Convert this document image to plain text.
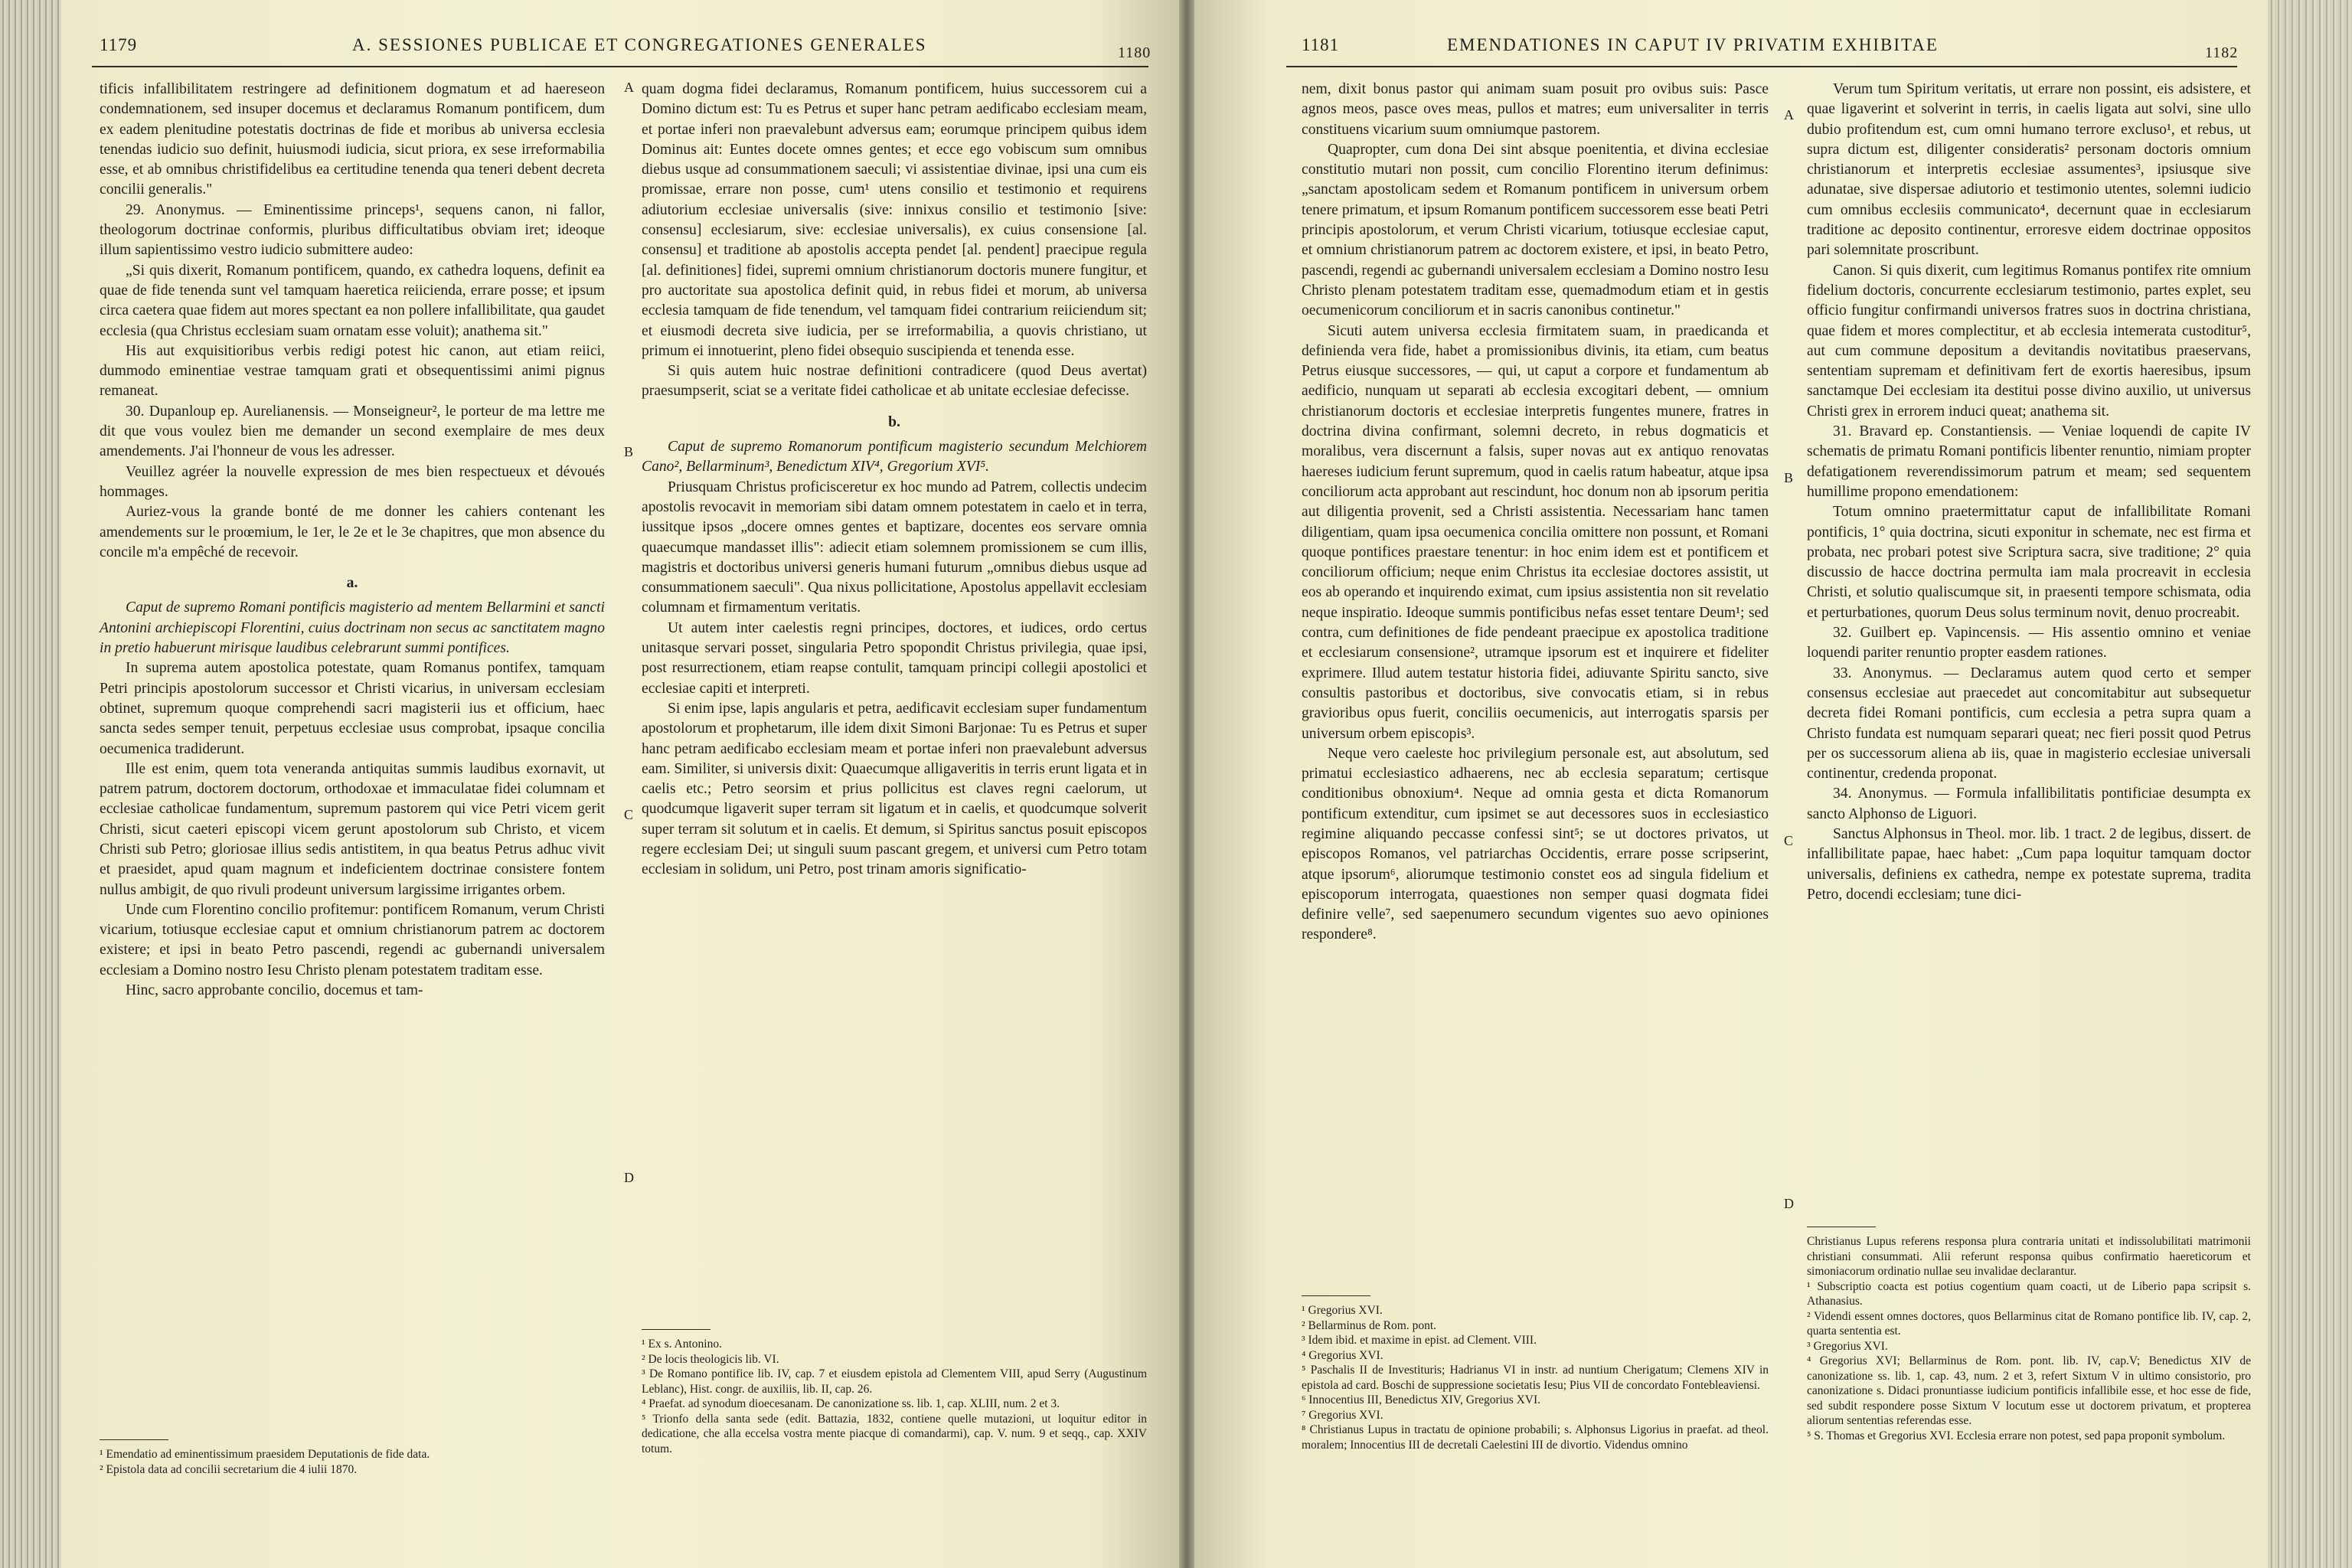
1179	A. SESSIONES PUBLICAE ET CONGREGATIONES GENERALES	1180

tificis infallibilitatem restringere ad definitionem dogmatum et ad haereseon condemnationem, sed insuper docemus et declaramus Romanum pontificem, dum ex eadem plenitudine potestatis doctrinas de fide et moribus ab universa ecclesia tenendas iudicio suo definit, huiusmodi iudicia, sicut priora, ex sese irreformabilia esse, et ab omnibus christifidelibus ea certitudine tenenda qua teneri debent decreta concilii generalis."

29. Anonymus. — Eminentissime princeps¹, sequens canon, ni fallor, theologorum doctrinae conformis, pluribus difficultatibus obviam iret; ideoque illum sapientissimo vestro iudicio submittere audeo:

„Si quis dixerit, Romanum pontificem, quando, ex cathedra loquens, definit ea quae de fide tenenda sunt vel tamquam haeretica reiicienda, errare posse; et ipsum circa caetera quae fidem aut mores spectant ea non pollere infallibilitate, qua gaudet ecclesia (qua Christus ecclesiam suam ornatam esse voluit); anathema sit."

His aut exquisitioribus verbis redigi potest hic canon, aut etiam reiici, dummodo eminentiae vestrae tamquam grati et obsequentissimi animi pignus remaneat.

30. Dupanloup ep. Aurelianensis. — Monseigneur², le porteur de ma lettre me dit que vous voulez bien me demander un second exemplaire de mes deux amendements. J'ai l'honneur de vous les adresser.

Veuillez agréer la nouvelle expression de mes bien respectueux et dévoués hommages.

Auriez-vous la grande bonté de me donner les cahiers contenant les amendements sur le proœmium, le 1er, le 2e et le 3e chapitres, que mon absence du concile m'a empêché de recevoir.

a.

Caput de supremo Romani pontificis magisterio ad mentem Bellarmini et sancti Antonini archiepiscopi Florentini, cuius doctrinam non secus ac sanctitatem magno in pretio habuerunt mirisque laudibus celebrarunt summi pontifices.

In suprema autem apostolica potestate, quam Romanus pontifex, tamquam Petri principis apostolorum successor et Christi vicarius, in universam ecclesiam obtinet, supremum quoque comprehendi sacri magisterii ius et officium, haec sancta sedes semper tenuit, perpetuus ecclesiae usus comprobat, ipsaque concilia oecumenica tradiderunt.

Ille est enim, quem tota veneranda antiquitas summis laudibus exornavit, ut patrem patrum, doctorem doctorum, orthodoxae et immaculatae fidei columnam et ecclesiae catholicae fundamentum, supremum pastorem qui vice Petri vicem gerit Christi, sicut caeteri episcopi vicem gerunt apostolorum sub Christo, et vicem Christi sub Petro; gloriosae illius sedis antistitem, in qua beatus Petrus adhuc vivit et praesidet, apud quam magnum et indeficientem doctrinae consistere fontem nullus ambigit, de quo rivuli prodeunt universum largissime irrigantes orbem.

Unde cum Florentino concilio profitemur: pontificem Romanum, verum Christi vicarium, totiusque ecclesiae caput et omnium christianorum patrem ac doctorem existere; et ipsi in beato Petro pascendi, regendi ac gubernandi universalem ecclesiam a Domino nostro Iesu Christo plenam potestatem traditam esse.

Hinc, sacro approbante concilio, docemus et tam-

¹ Emendatio ad eminentissimum praesidem Deputationis de fide data.

² Epistola data ad concilii secretarium die 4 iulii 1870.

A
B
C
D

quam dogma fidei declaramus, Romanum pontificem, huius successorem cui a Domino dictum est: Tu es Petrus et super hanc petram aedificabo ecclesiam meam, et portae inferi non praevalebunt adversus eam; eorumque principem quibus idem Dominus ait: Euntes docete omnes gentes; et ecce ego vobiscum sum omnibus diebus usque ad consummationem saeculi; vi assistentiae divinae, ipsi una cum eis promissae, errare non posse, cum¹ utens consilio et testimonio et requirens adiutorium ecclesiae universalis (sive: innixus consilio et testimonio [sive: consensu] ecclesiarum, sive: ecclesiae universalis), ex cuius consensione [al. consensu] et traditione ab apostolis accepta pendet [al. pendent] praecipue regula [al. definitiones] fidei, supremi omnium christianorum doctoris munere fungitur, et pro auctoritate sua apostolica definit quid, in rebus fidei et morum, ab universa ecclesia tamquam de fide tenendum, vel tamquam fidei contrarium reiiciendum sit; et eiusmodi decreta sive iudicia, per se irreformabilia, a quovis christiano, ut primum ei innotuerint, pleno fidei obsequio suscipienda et tenenda esse.

Si quis autem huic nostrae definitioni contradicere (quod Deus avertat) praesumpserit, sciat se a veritate fidei catholicae et ab unitate ecclesiae defecisse.

b.

Caput de supremo Romanorum pontificum magisterio secundum Melchiorem Cano², Bellarminum³, Benedictum XIV⁴, Gregorium XVI⁵.

Priusquam Christus proficisceretur ex hoc mundo ad Patrem, collectis undecim apostolis revocavit in memoriam sibi datam omnem potestatem in caelo et in terra, iussitque ipsos „docere omnes gentes et baptizare, docentes eos servare omnia quaecumque mandasset illis": adiecit etiam solemnem promissionem se cum illis, magistris et doctoribus universi generis humani futurum „omnibus diebus usque ad consummationem saeculi". Qua nixus pollicitatione, Apostolus appellavit ecclesiam columnam et firmamentum veritatis.

Ut autem inter caelestis regni principes, doctores, et iudices, ordo certus unitasque servari posset, singularia Petro spopondit Christus privilegia, quae ipsi, post resurrectionem, etiam reapse contulit, tamquam principi collegii apostolici et ecclesiae capiti et interpreti.

Si enim ipse, lapis angularis et petra, aedificavit ecclesiam super fundamentum apostolorum et prophetarum, ille idem dixit Simoni Barjonae: Tu es Petrus et super hanc petram aedificabo ecclesiam meam et portae inferi non praevalebunt adversus eam. Similiter, si universis dixit: Quaecumque alligaveritis in terris erunt ligata et in caelis etc.; Petro seorsim et prius pollicitus est claves regni caelorum, ut quodcumque ligaverit super terram sit ligatum et in caelis, et quodcumque solverit super terram sit solutum et in caelis. Et demum, si Spiritus sanctus posuit episcopos regere ecclesiam Dei; ut singuli suum pascant gregem, et universi cum Petro totam ecclesiam in solidum, uni Petro, post trinam amoris significatio-

¹ Ex s. Antonino.

² De locis theologicis lib. VI.

³ De Romano pontifice lib. IV, cap. 7 et eiusdem epistola ad Clementem VIII, apud Serry (Augustinum Leblanc), Hist. congr. de auxiliis, lib. II, cap. 26.

⁴ Praefat. ad synodum dioecesanam. De canonizatione ss. lib. 1, cap. XLIII, num. 2 et 3.

⁵ Trionfo della santa sede (edit. Battazia, 1832, contiene quelle mutazioni, ut loquitur editor in dedicatione, che alla eccelsa vostra mente piacque di comandarmi), cap. V. num. 9 et seqq., cap. XXIV totum.

1181	EMENDATIONES IN CAPUT IV PRIVATIM EXHIBITAE	1182

nem, dixit bonus pastor qui animam suam posuit pro ovibus suis: Pasce agnos meos, pasce oves meas, pullos et matres; eum universaliter in terris constituens vicarium suum omniumque pastorem.

Quapropter, cum dona Dei sint absque poenitentia, et divina ecclesiae constitutio mutari non possit, cum concilio Florentino iterum definimus: „sanctam apostolicam sedem et Romanum pontificem in universum orbem tenere primatum, et ipsum Romanum pontificem successorem esse beati Petri principis apostolorum, et verum Christi vicarium, totiusque ecclesiae caput, et omnium christianorum patrem ac doctorem existere, et ipsi, in beato Petro, pascendi, regendi ac gubernandi universalem ecclesiam a Domino nostro Iesu Christo plenam potestatem traditam esse, quemadmodum etiam et in gestis oecumenicorum conciliorum et in sacris canonibus continetur."

Sicuti autem universa ecclesia firmitatem suam, in praedicanda et definienda vera fide, habet a promissionibus divinis, ita etiam, cum beatus Petrus eiusque successores, — qui, ut caput a corpore et fundamentum ab aedificio, nunquam ut separati ab ecclesia excogitari debent, — omnium christianorum doctoris et ecclesiae interpretis fungentes munere, fratres in doctrina divina confirmant, solemni decreto, in rebus dogmaticis et moralibus, vera discernunt a falsis, super novas aut ex antiquo renovatas haereses iudicium ferunt supremum, quod in caelis ratum habeatur, atque ipsa conciliorum acta approbant aut rescindunt, hoc donum non ab ipsorum peritia aut diligentia provenit, sed a Christi assistentia. Necessariam hanc tamen diligentiam, quam ipsa oecumenica concilia omittere non possunt, et Romani quoque pontifices praestare tenentur: in hoc enim idem est et pontificem et conciliorum officium; neque enim Christus ita ecclesiae doctores assistit, ut eos ab operando et inquirendo eximat, cum ipsius assistentia non sit revelatio neque inspiratio. Ideoque summis pontificibus nefas esset tentare Deum¹; sed contra, cum definitiones de fide pendeant praecipue ex apostolica traditione et ecclesiarum consensione², utramque ipsorum est et inquirere et fideliter exprimere. Illud autem testatur historia fidei, adiuvante Spiritu sancto, sive consultis pastoribus et doctoribus, sive convocatis etiam, si in rebus gravioribus opus fuerit, conciliis oecumenicis, aut interrogatis sparsis per universum orbem episcopis³.

Neque vero caeleste hoc privilegium personale est, aut absolutum, sed primatui ecclesiastico adhaerens, nec ab ecclesia separatum; certisque conditionibus obnoxium⁴. Neque ad omnia gesta et dicta Romanorum pontificum extenditur, cum ipsimet se aut decessores suos in ecclesiastico regimine aliquando peccasse confessi sint⁵; se ut doctores privatos, ut episcopos Romanos, vel patriarchas Occidentis, errare posse scripserint, atque ipsorum⁶, aliorumque testimonio constet eos ad singula fidelium et episcoporum interrogata, quaestiones non semper quasi dogmata fidei definire velle⁷, sed saepenumero secundum vigentes suo aevo opiniones respondere⁸.

¹ Gregorius XVI.

² Bellarminus de Rom. pont.

³ Idem ibid. et maxime in epist. ad Clement. VIII.

⁴ Gregorius XVI.

⁵ Paschalis II de Investituris; Hadrianus VI in instr. ad nuntium Cherigatum; Clemens XIV in epistola ad card. Boschi de suppressione societatis Iesu; Pius VII de concordato Fontebleaviensi.

⁶ Innocentius III, Benedictus XIV, Gregorius XVI.

⁷ Gregorius XVI.

⁸ Christianus Lupus in tractatu de opinione probabili; s. Alphonsus Ligorius in praefat. ad theol. moralem; Innocentius III de decretali Caelestini III de divortio. Videndus omnino

A
B
C
D

Verum tum Spiritum veritatis, ut errare non possint, eis adsistere, et quae ligaverint et solverint in terris, in caelis ligata aut solvi, sine ullo dubio profitendum est, cum omni humano terrore excluso¹, et rebus, ut supra dictum est, diligenter consideratis² personam doctoris omnium christianorum et interpretis ecclesiae assumentes³, ipsiusque sive adunatae, sive dispersae adiutorio et testimonio utentes, solemni iudicio cum omnibus ecclesiis communicato⁴, decernunt quae in ecclesiarum traditione ac deposito continentur, erroresve eidem doctrinae oppositos pari solemnitate proscribunt.

Canon. Si quis dixerit, cum legitimus Romanus pontifex rite omnium fidelium doctoris, concurrente ecclesiarum testimonio, partes explet, seu officio fungitur confirmandi universos fratres suos in doctrina christiana, quae fidem et mores complectitur, et ab ecclesia intemerata custoditur⁵, aut cum commune depositum a devitandis novitatibus praeservans, sententiam supremam et definitivam fert de exortis haeresibus, ipsum sanctamque Dei ecclesiam ita destitui posse divino auxilio, ut universus Christi grex in errorem induci queat; anathema sit.

31. Bravard ep. Constantiensis. — Veniae loquendi de capite IV schematis de primatu Romani pontificis libenter renuntio, nimiam propter defatigationem reverendissimorum patrum et meam; sed sequentem humillime propono emendationem:

Totum omnino praetermittatur caput de infallibilitate Romani pontificis, 1° quia doctrina, sicuti exponitur in schemate, nec est firma et probata, nec probari potest sive Scriptura sacra, sive traditione; 2° quia discussio de hacce doctrina permulta iam mala procreavit in ecclesia Christi, et solutio qualiscumque sit, in praesenti tempore schismata, odia et perturbationes, quorum Deus solus terminum novit, denuo procreabit.

32. Guilbert ep. Vapincensis. — His assentio omnino et veniae loquendi pariter renuntio propter easdem rationes.

33. Anonymus. — Declaramus autem quod certo et semper consensus ecclesiae aut praecedet aut concomitabitur aut subsequetur decreta fidei Romani pontificis, cum ecclesia a petra supra quam a Christo fundata est numquam separari queat; nec fieri possit quod Petrus per os successorum aliena ab iis, quae in magisterio ecclesiae universali continentur, credenda proponat.

34. Anonymus. — Formula infallibilitatis pontificiae desumpta ex sancto Alphonso de Liguori.

Sanctus Alphonsus in Theol. mor. lib. 1 tract. 2 de legibus, dissert. de infallibilitate papae, haec habet: „Cum papa loquitur tamquam doctor universalis, definiens ex cathedra, nempe ex potestate suprema, tradita Petro, docendi ecclesiam; tune dici-

Christianus Lupus referens responsa plura contraria unitati et indissolubilitati matrimonii christiani consummati. Alii referunt responsa quibus confirmatio haereticorum et simoniacorum ordinatio nullae seu invalidae declarantur.

¹ Subscriptio coacta est potius cogentium quam coacti, ut de Liberio papa scripsit s. Athanasius.

² Videndi essent omnes doctores, quos Bellarminus citat de Romano pontifice lib. IV, cap. 2, quarta sententia est.

³ Gregorius XVI.

⁴ Gregorius XVI; Bellarminus de Rom. pont. lib. IV, cap.V; Benedictus XIV de canonizatione ss. lib. 1, cap. 43, num. 2 et 3, refert Sixtum V in ultimo consistorio, pro canonizatione s. Didaci pronuntiasse iudicium pontificis infallibile esse, et hoc esse de fide, sed subdit respondere posse Sixtum V locutum esse ut doctorem privatum, et propterea aliorum sententias referendas esse.

⁵ S. Thomas et Gregorius XVI. Ecclesia errare non potest, sed papa proponit symbolum.
